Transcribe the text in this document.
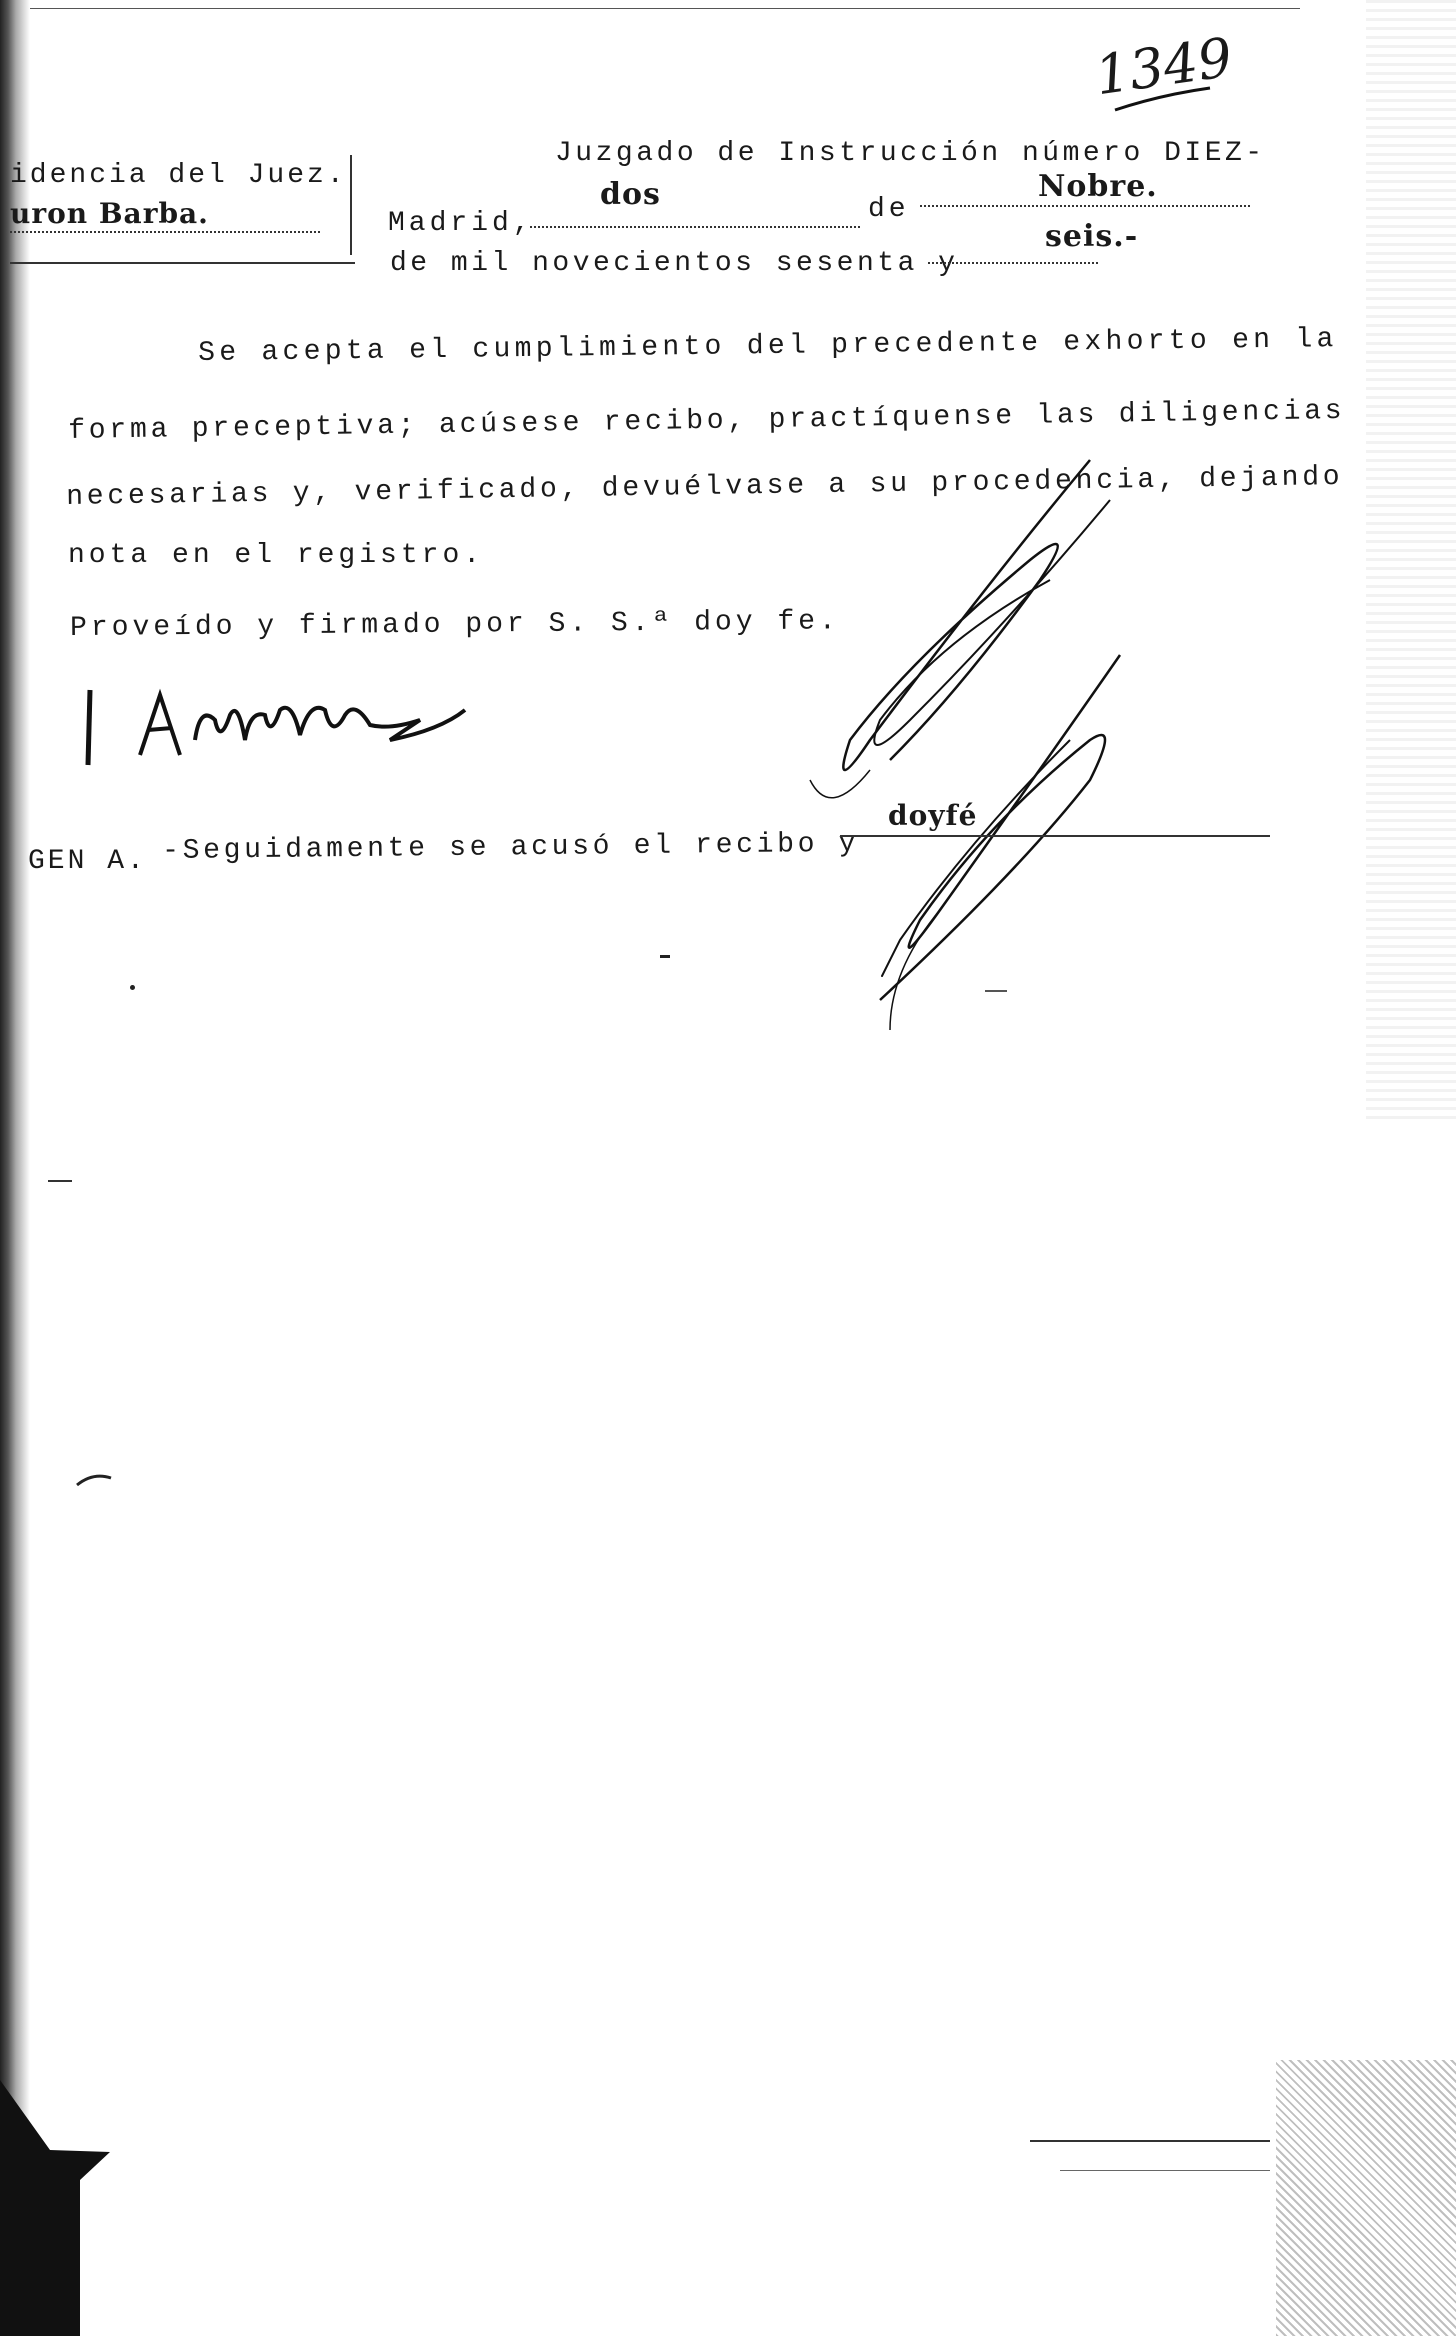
1349
idencia del Juez.
uron Barba.
Juzgado de Instrucción número DIEZ-
Madrid,
dos	de
Nobre.
seis.-
de mil novecientos sesenta y
Se acepta el cumplimiento del precedente exhorto en la
forma preceptiva; acúsese recibo, practíquense las diligencias
necesarias y, verificado, devuélvase a su procedencia, dejando
nota en el registro.
Proveído y firmado por S. S.ª doy fe.
GEN A. -Seguidamente se acusó el recibo y
doyfé
